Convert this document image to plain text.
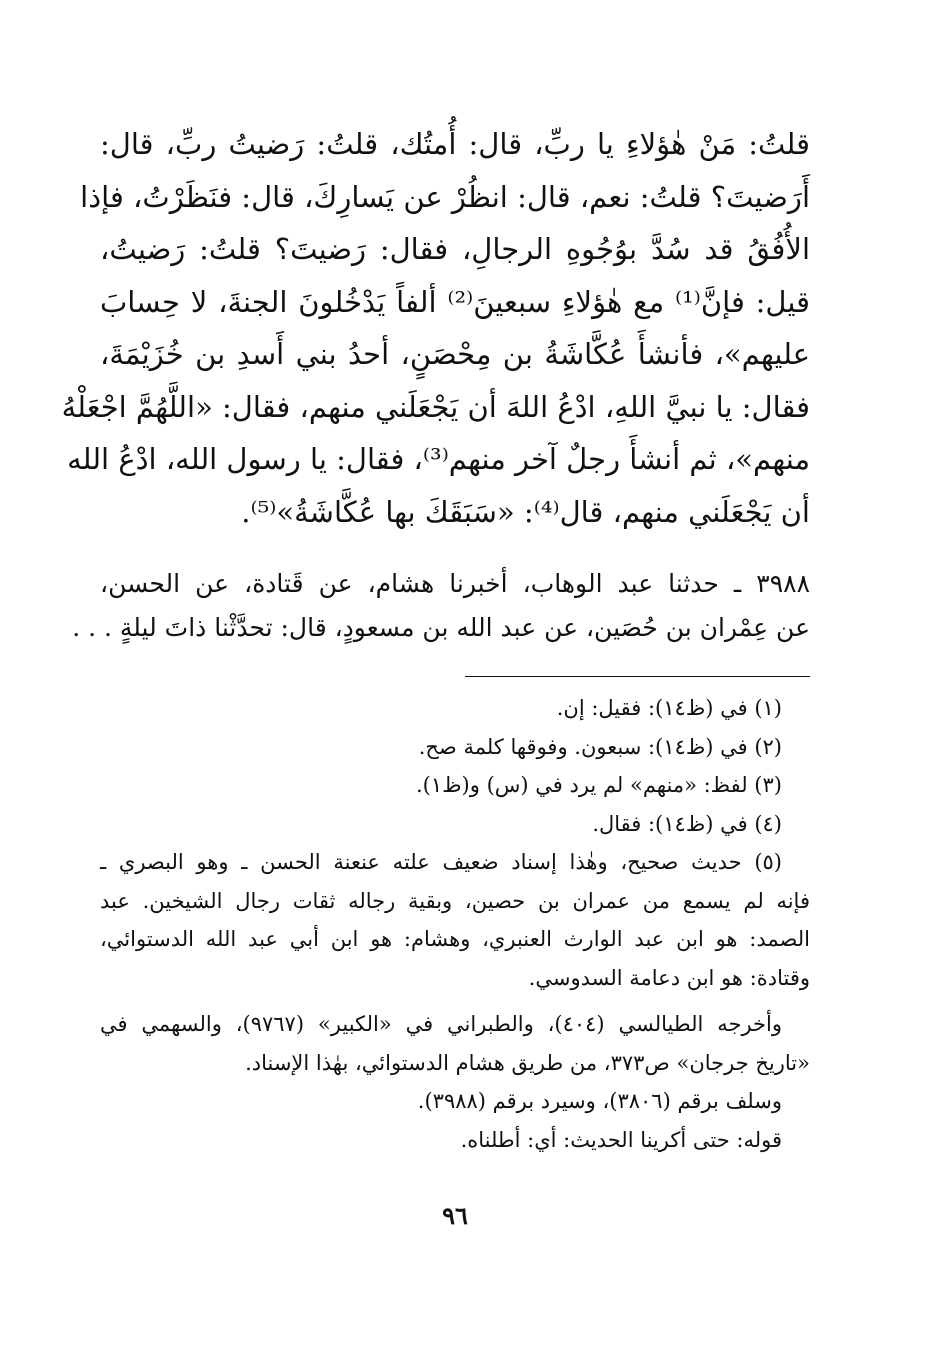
قلتُ: مَنْ هٰؤلاءِ يا ربِّ، قال: أُمتُك، قلتُ: رَضيتُ ربِّ، قال:
أَرَضيتَ؟ قلتُ: نعم، قال: انظُرْ عن يَسارِكَ، قال: فنَظَرْتُ، فإذا
الأُفُقُ قد سُدَّ بوُجُوهِ الرجالِ، فقال: رَضيتَ؟ قلتُ: رَضيتُ،
قيل: فإنَّ⁽¹⁾ مع هٰؤلاءِ سبعينَ⁽²⁾ ألفاً يَدْخُلونَ الجنةَ، لا حِسابَ
عليهم»، فأنشأَ عُكَّاشَةُ بن مِحْصَنٍ، أحدُ بني أَسدِ بن خُزَيْمَةَ،
فقال: يا نبيَّ اللهِ، ادْعُ اللهَ أن يَجْعَلَني منهم، فقال: «اللَّهُمَّ اجْعَلْهُ
منهم»، ثم أنشأَ رجلٌ آخر منهم⁽³⁾، فقال: يا رسول الله، ادْعُ الله
أن يَجْعَلَني منهم، قال⁽⁴⁾: «سَبَقَكَ بها عُكَّاشَةُ»⁽⁵⁾.
٣٩٨٨ ـ حدثنا عبد الوهاب، أخبرنا هشام، عن قَتادة، عن الحسن،
عن عِمْران بن حُصَين، عن عبد الله بن مسعودٍ، قال: تحدَّثْنا ذاتَ ليلةٍ . . .
(١) في (ظ١٤): فقيل: إن.
(٢) في (ظ١٤): سبعون. وفوقها كلمة صح.
(٣) لفظ: «منهم» لم يرد في (س) و(ظ١).
(٤) في (ظ١٤): فقال.
(٥) حديث صحيح، وهٰذا إسناد ضعيف علته عنعنة الحسن ـ وهو البصري ـ
فإنه لم يسمع من عمران بن حصين، وبقية رجاله ثقات رجال الشيخين. عبد
الصمد: هو ابن عبد الوارث العنبري، وهشام: هو ابن أبي عبد الله الدستوائي،
وقتادة: هو ابن دعامة السدوسي.
وأخرجه الطيالسي (٤٠٤)، والطبراني في «الكبير» (٩٧٦٧)، والسهمي في
«تاريخ جرجان» ص٣٧٣، من طريق هشام الدستوائي، بهٰذا الإسناد.
وسلف برقم (٣٨٠٦)، وسيرد برقم (٣٩٨٨).
قوله: حتى أكرينا الحديث: أي: أطلناه.
٩٦
